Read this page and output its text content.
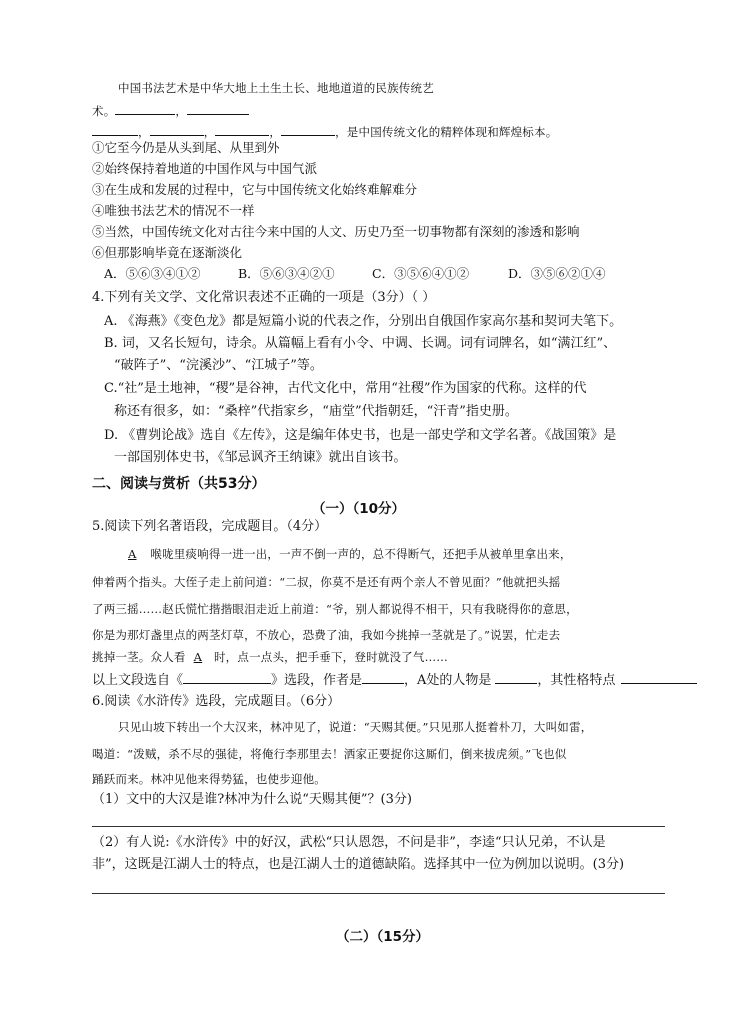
中国书法艺术是中华大地上土生土长、地地道道的民族传统艺
术。	，
，	，	，	，是中国传统文化的精粹体现和辉煌标本。
①它至今仍是从头到尾、从里到外
②始终保持着地道的中国作风与中国气派
③在生成和发展的过程中，它与中国传统文化始终难解难分
④唯独书法艺术的情况不一样
⑤当然，中国传统文化对古往今来中国的人文、历史乃至一切事物都有深刻的渗透和影响
⑥但那影响毕竟在逐渐淡化
A．⑤⑥③④①②	B．⑤⑥③④②①	C．③⑤⑥④①②	D．③⑤⑥②①④
4.下列有关文学、文化常识表述不正确的一项是（3分）（ ）
A. 《海燕》《变色龙》都是短篇小说的代表之作，分别出自俄国作家高尔基和契诃夫笔下。
B. 词，又名长短句，诗余。从篇幅上看有小令、中调、长调。词有词牌名，如“满江红”、
“破阵子”、“浣溪沙”、“江城子”等。
C.“社”是土地神，“稷”是谷神，古代文化中，常用“社稷”作为国家的代称。这样的代
称还有很多，如：“桑梓”代指家乡，“庙堂”代指朝廷，“汗青”指史册。
D. 《曹刿论战》选自《左传》，这是编年体史书，也是一部史学和文学名著。《战国策》是
一部国别体史书，《邹忌讽齐王纳谏》就出自该书。
二、阅读与赏析（共53分）
（一）（10分）
5.阅读下列名著语段，完成题目。（4分）
A 喉咙里痰响得一进一出，一声不倒一声的，总不得断气，还把手从被单里拿出来，
伸着两个指头。大侄子走上前问道：“二叔，你莫不是还有两个亲人不曾见面？”他就把头摇
了两三摇……赵氏慌忙揩揩眼泪走近上前道：“爷，别人都说得不相干，只有我晓得你的意思，
你是为那灯盏里点的两茎灯草，不放心，恐费了油，我如今挑掉一茎就是了。”说罢，忙走去
挑掉一茎。众人看 A 时，点一点头，把手垂下，登时就没了气……
以上文段选自《	》选段，作者是	，A处的人物是	，其性格特点
6.阅读《水浒传》选段，完成题目。（6分）
只见山坡下转出一个大汉来，林冲见了，说道：“天赐其便。”只见那人挺着朴刀，大叫如雷，
喝道：“泼贼，杀不尽的强徒，将俺行李那里去！洒家正要捉你这厮们，倒来拔虎须。”飞也似
踊跃而来。林冲见他来得势猛，也使步迎他。
（1）文中的大汉是谁?林冲为什么说“天赐其便”？(3分)
（2）有人说:《水浒传》中的好汉，武松“只认恩怨，不问是非”，李逵“只认兄弟，不认是
非”，这既是江湖人士的特点，也是江湖人士的道德缺陷。选择其中一位为例加以说明。(3分)
（二）（15分）
